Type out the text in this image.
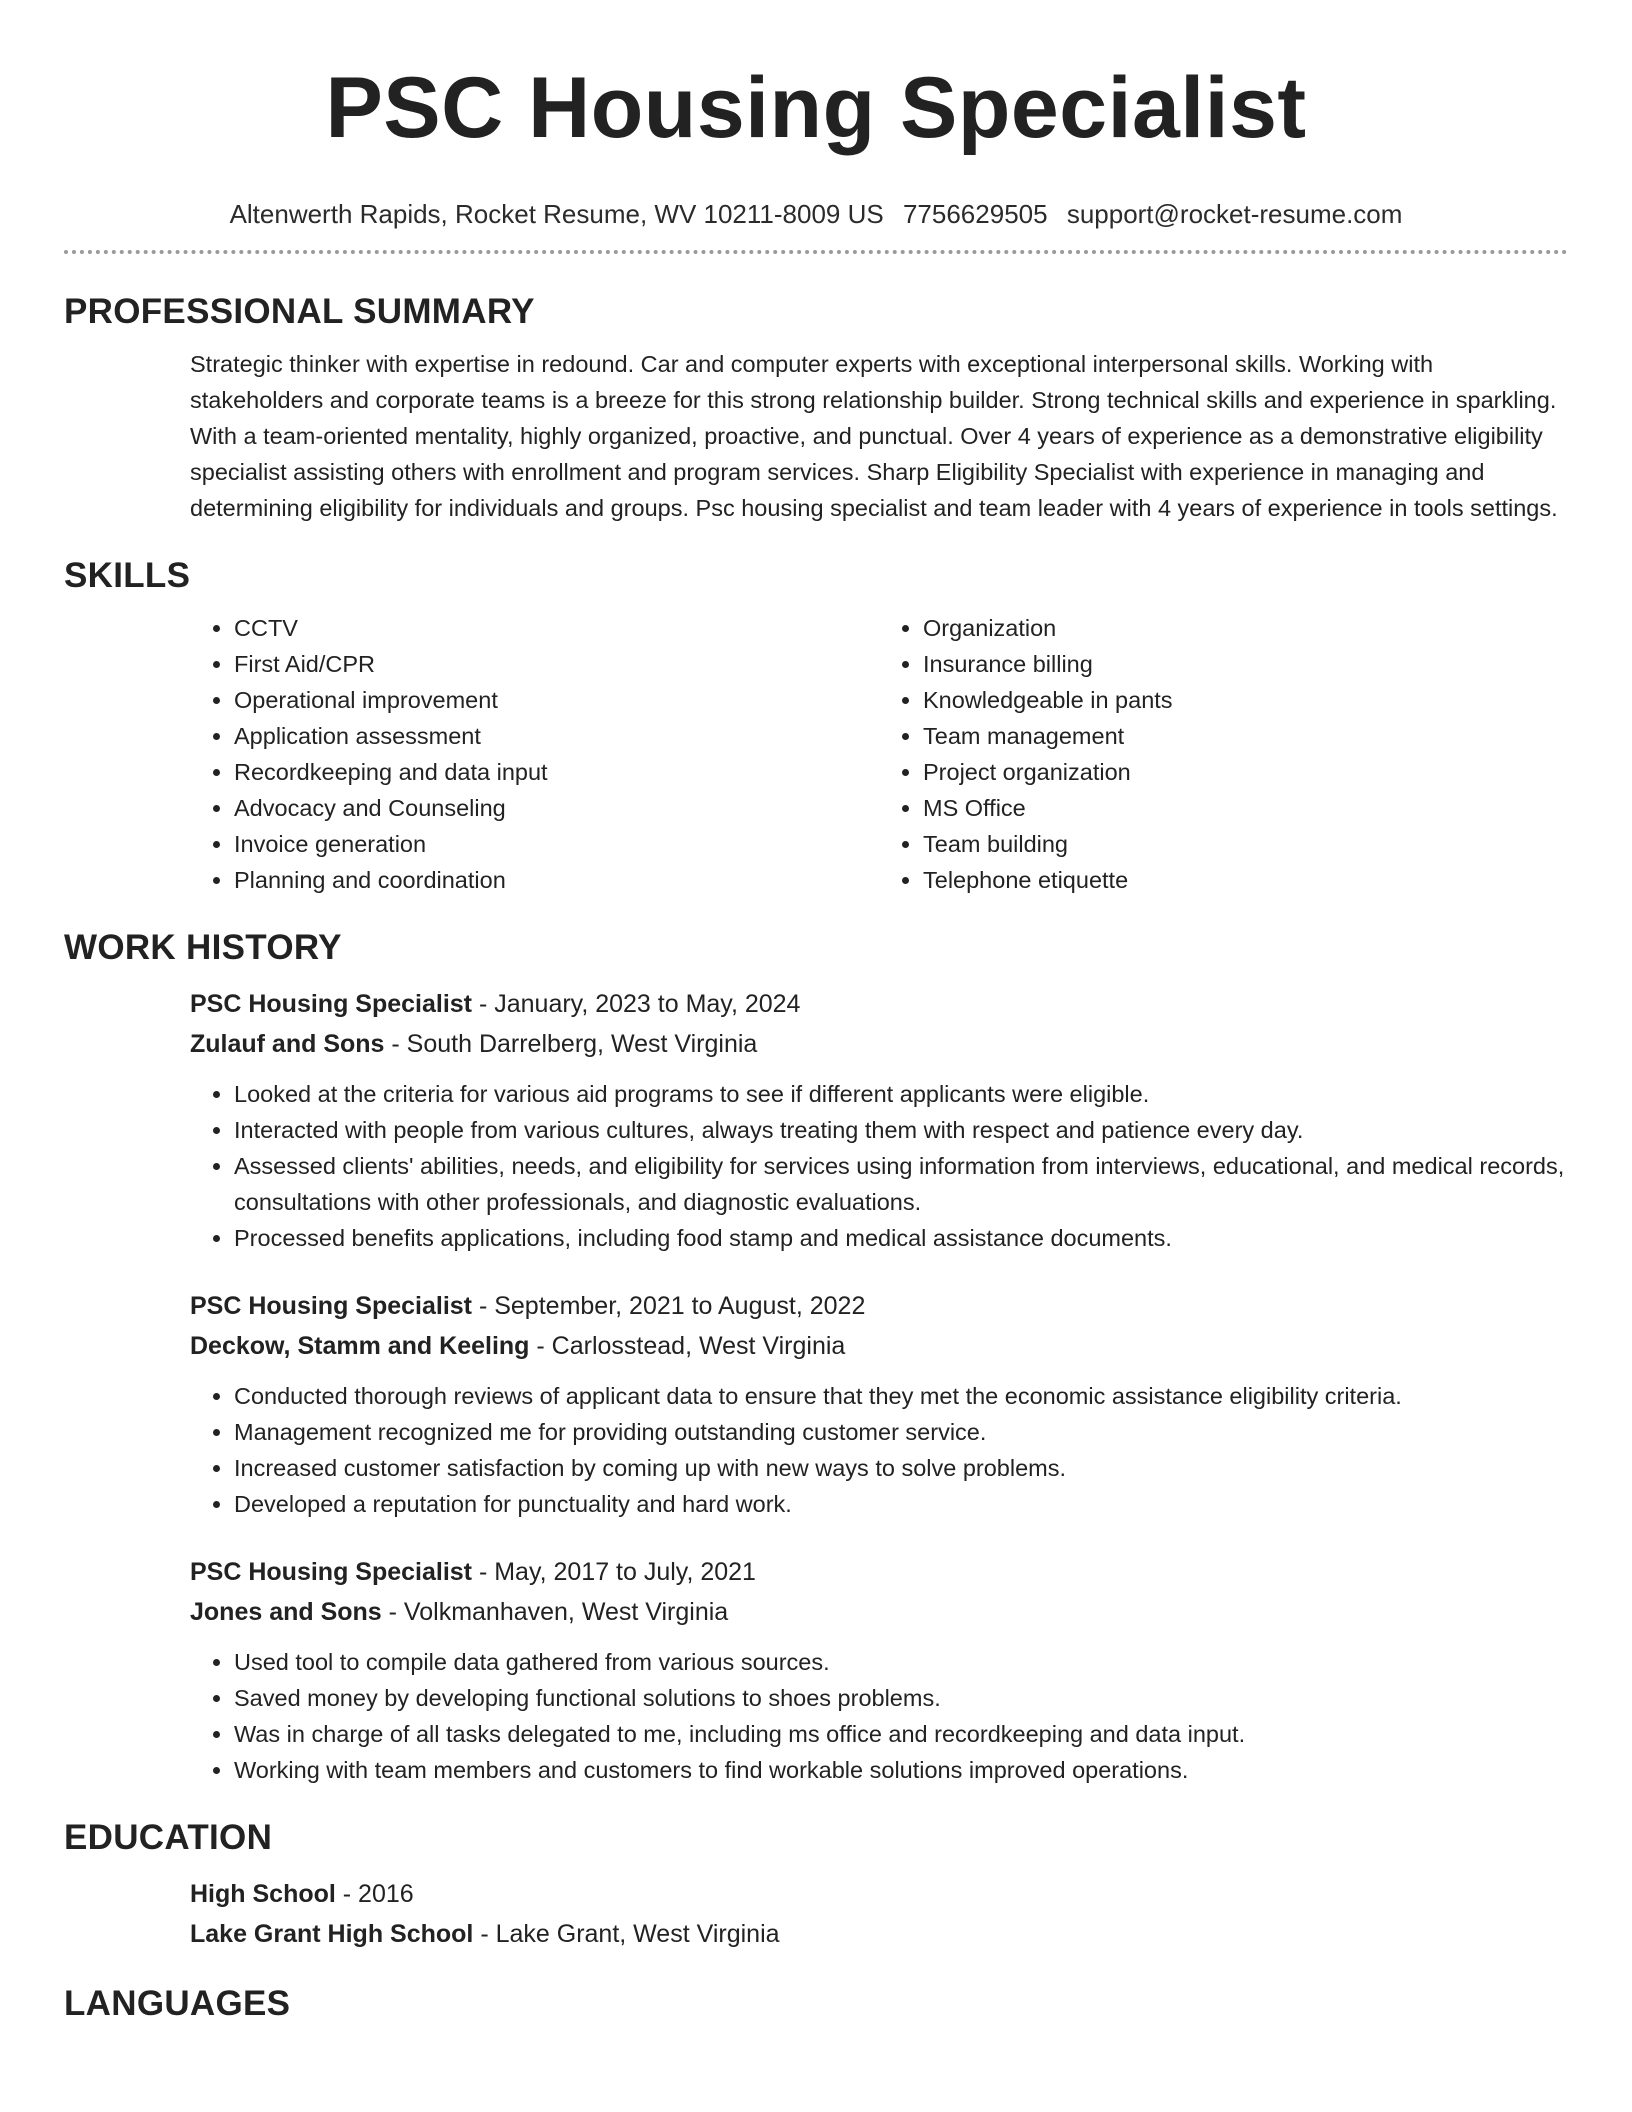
PSC Housing Specialist
Altenwerth Rapids, Rocket Resume, WV 10211-8009 US 7756629505 support@rocket-resume.com
PROFESSIONAL SUMMARY

Strategic thinker with expertise in redound. Car and computer experts with exceptional interpersonal skills. Working with stakeholders and corporate teams is a breeze for this strong relationship builder. Strong technical skills and experience in sparkling. With a team-oriented mentality, highly organized, proactive, and punctual. Over 4 years of experience as a demonstrative eligibility specialist assisting others with enrollment and program services. Sharp Eligibility Specialist with experience in managing and determining eligibility for individuals and groups. Psc housing specialist and team leader with 4 years of experience in tools settings.

SKILLS
• CCTV
• First Aid/CPR
• Operational improvement
• Application assessment
• Recordkeeping and data input
• Advocacy and Counseling
• Invoice generation
• Planning and coordination
• Organization
• Insurance billing
• Knowledgeable in pants
• Team management
• Project organization
• MS Office
• Team building
• Telephone etiquette
WORK HISTORY
PSC Housing Specialist - January, 2023 to May, 2024
Zulauf and Sons - South Darrelberg, West Virginia
• Looked at the criteria for various aid programs to see if different applicants were eligible.
• Interacted with people from various cultures, always treating them with respect and patience every day.
• Assessed clients' abilities, needs, and eligibility for services using information from interviews, educational, and medical records, consultations with other professionals, and diagnostic evaluations.
• Processed benefits applications, including food stamp and medical assistance documents.
PSC Housing Specialist - September, 2021 to August, 2022
Deckow, Stamm and Keeling - Carlosstead, West Virginia
• Conducted thorough reviews of applicant data to ensure that they met the economic assistance eligibility criteria.
• Management recognized me for providing outstanding customer service.
• Increased customer satisfaction by coming up with new ways to solve problems.
• Developed a reputation for punctuality and hard work.
PSC Housing Specialist - May, 2017 to July, 2021
Jones and Sons - Volkmanhaven, West Virginia
• Used tool to compile data gathered from various sources.
• Saved money by developing functional solutions to shoes problems.
• Was in charge of all tasks delegated to me, including ms office and recordkeeping and data input.
• Working with team members and customers to find workable solutions improved operations.
EDUCATION
High School - 2016
Lake Grant High School - Lake Grant, West Virginia
LANGUAGES
